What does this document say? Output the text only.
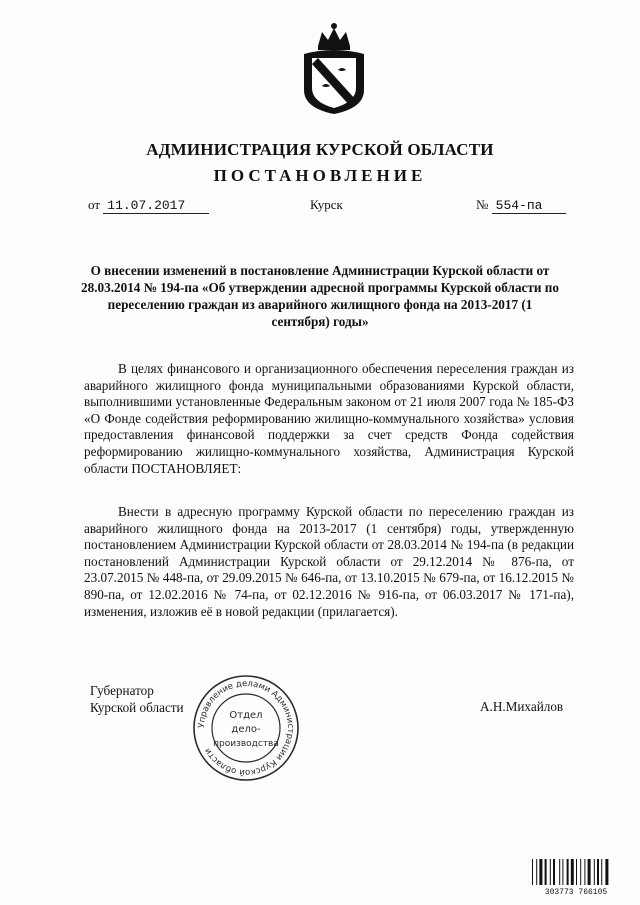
АДМИНИСТРАЦИЯ КУРСКОЙ ОБЛАСТИ
ПОСТАНОВЛЕНИЕ
от 11.07.2017	Курск	№ 554-па
О внесении изменений в постановление Администрации Курской области от 28.03.2014 № 194-па «Об утверждении адресной программы Курской области по переселению граждан из аварийного жилищного фонда на 2013-2017 (1 сентября) годы»
В целях финансового и организационного обеспечения переселения граждан из аварийного жилищного фонда муниципальными образованиями Курской области, выполнившими установленные Федеральным законом от 21 июля 2007 года № 185-ФЗ «О Фонде содействия реформированию жилищно-коммунального хозяйства» условия предоставления финансовой поддержки за счет средств Фонда содействия реформированию жилищно-коммунального хозяйства, Администрация Курской области ПОСТАНОВЛЯЕТ:
Внести в адресную программу Курской области по переселению граждан из аварийного жилищного фонда на 2013-2017 (1 сентября) годы, утвержденную постановлением Администрации Курской области от 28.03.2014 № 194-па (в редакции постановлений Администрации Курской области от 29.12.2014 № 876-па, от 23.07.2015 № 448-па, от 29.09.2015 № 646-па, от 13.10.2015 № 679-па, от 16.12.2015 № 890-па, от 12.02.2016 № 74-па, от 02.12.2016 № 916-па, от 06.03.2017 № 171-па), изменения, изложив её в новой редакции (прилагается).
Губернатор
Курской области
Управление делами Администрации Курской области
Отдел
дело-
производства
А.Н.Михайлов
303773 766105
